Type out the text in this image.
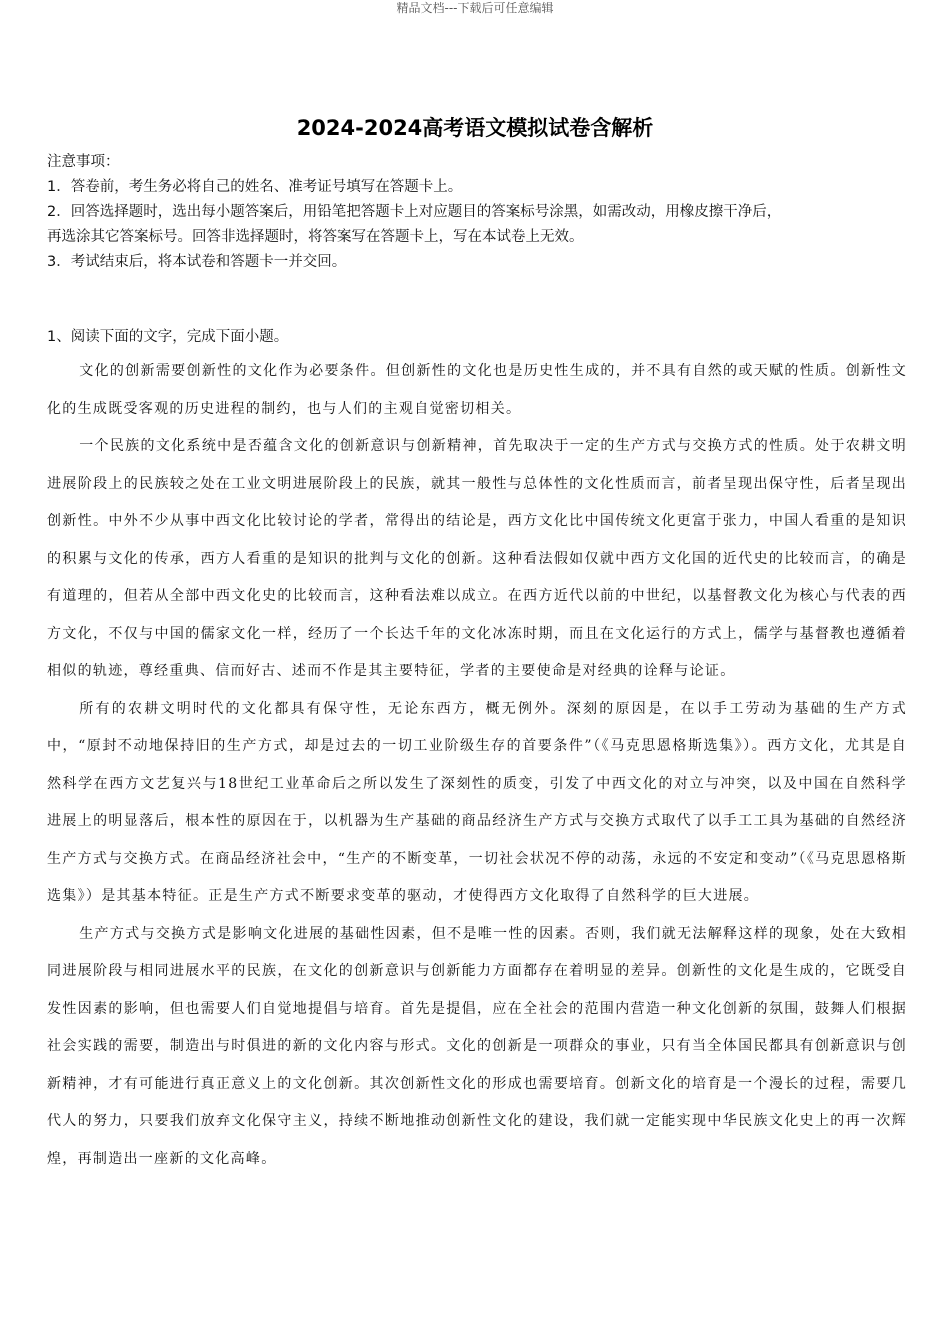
精品文档---下载后可任意编辑
2024-2024高考语文模拟试卷含解析
注意事项：
1．答卷前，考生务必将自己的姓名、准考证号填写在答题卡上。
2．回答选择题时，选出每小题答案后，用铅笔把答题卡上对应题目的答案标号涂黑，如需改动，用橡皮擦干净后，
再选涂其它答案标号。回答非选择题时，将答案写在答题卡上，写在本试卷上无效。
3．考试结束后，将本试卷和答题卡一并交回。
1、阅读下面的文字，完成下面小题。

文化的创新需要创新性的文化作为必要条件。但创新性的文化也是历史性生成的，并不具有自然的或天赋的性质。创新性文化的生成既受客观的历史进程的制约，也与人们的主观自觉密切相关。

一个民族的文化系统中是否蕴含文化的创新意识与创新精神，首先取决于一定的生产方式与交换方式的性质。处于农耕文明进展阶段上的民族较之处在工业文明进展阶段上的民族，就其一般性与总体性的文化性质而言，前者呈现出保守性，后者呈现出创新性。中外不少从事中西文化比较讨论的学者，常得出的结论是，西方文化比中国传统文化更富于张力，中国人看重的是知识的积累与文化的传承，西方人看重的是知识的批判与文化的创新。这种看法假如仅就中西方文化国的近代史的比较而言，的确是有道理的，但若从全部中西文化史的比较而言，这种看法难以成立。在西方近代以前的中世纪，以基督教文化为核心与代表的西方文化，不仅与中国的儒家文化一样，经历了一个长达千年的文化冰冻时期，而且在文化运行的方式上，儒学与基督教也遵循着相似的轨迹，尊经重典、信而好古、述而不作是其主要特征，学者的主要使命是对经典的诠释与论证。

所有的农耕文明时代的文化都具有保守性，无论东西方，概无例外。深刻的原因是，在以手工劳动为基础的生产方式中，“原封不动地保持旧的生产方式，却是过去的一切工业阶级生存的首要条件”（《马克思恩格斯选集》）。西方文化，尤其是自然科学在西方文艺复兴与18世纪工业革命后之所以发生了深刻性的质变，引发了中西文化的对立与冲突，以及中国在自然科学进展上的明显落后，根本性的原因在于，以机器为生产基础的商品经济生产方式与交换方式取代了以手工工具为基础的自然经济生产方式与交换方式。在商品经济社会中，“生产的不断变革，一切社会状况不停的动荡，永远的不安定和变动”（《马克思恩格斯选集》）是其基本特征。正是生产方式不断要求变革的驱动，才使得西方文化取得了自然科学的巨大进展。

生产方式与交换方式是影响文化进展的基础性因素，但不是唯一性的因素。否则，我们就无法解释这样的现象，处在大致相同进展阶段与相同进展水平的民族，在文化的创新意识与创新能力方面都存在着明显的差异。创新性的文化是生成的，它既受自发性因素的影响，但也需要人们自觉地提倡与培育。首先是提倡，应在全社会的范围内营造一种文化创新的氛围，鼓舞人们根据社会实践的需要，制造出与时俱进的新的文化内容与形式。文化的创新是一项群众的事业，只有当全体国民都具有创新意识与创新精神，才有可能进行真正意义上的文化创新。其次创新性文化的形成也需要培育。创新文化的培育是一个漫长的过程，需要几代人的努力，只要我们放弃文化保守主义，持续不断地推动创新性文化的建设，我们就一定能实现中华民族文化史上的再一次辉煌，再制造出一座新的文化高峰。
